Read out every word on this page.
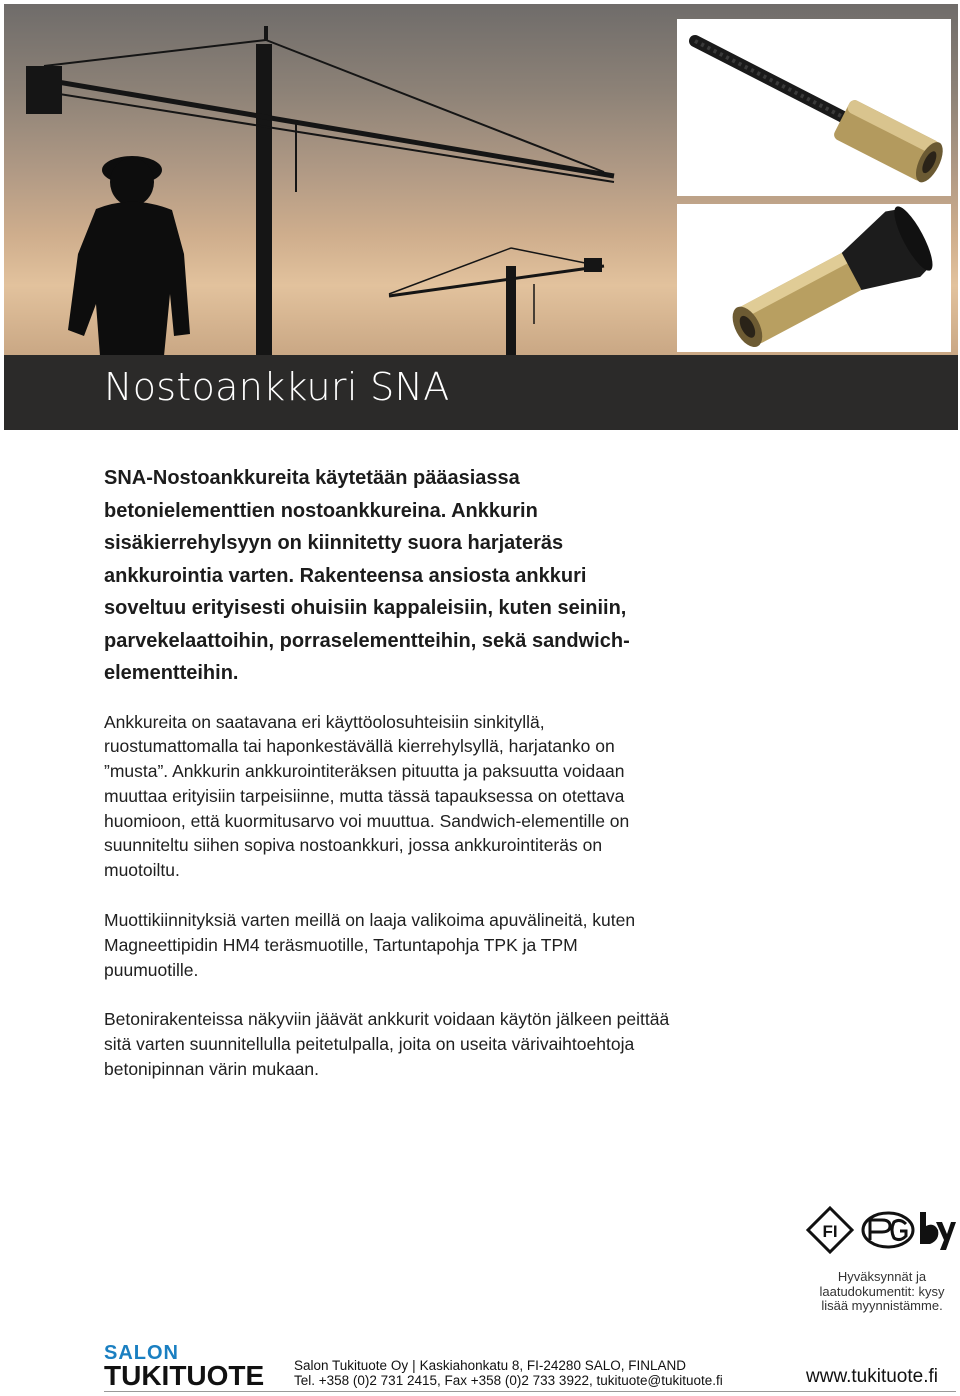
Nostoankkuri SNA

SNA-Nostoankkureita käytetään pääasiassa betonielementtien nostoankkureina. Ankkurin sisäkierrehylsyyn on kiinnitetty suora harjateräs ankkurointia varten. Rakenteensa ansiosta ankkuri soveltuu erityisesti ohuisiin kappaleisiin, kuten seiniin, parvekelaattoihin, porraselementteihin, sekä sandwich-elementteihin.

Ankkureita on saatavana eri käyttöolosuhteisiin sinkityllä, ruostumattomalla tai haponkestävällä kierrehylsyllä, harjatanko on ”musta”. Ankkurin ankkurointiteräksen pituutta ja paksuutta voidaan muuttaa erityisiin tarpeisiinne, mutta tässä tapauksessa on otettava huomioon, että kuormitusarvo voi muuttua. Sandwich-elementille on suunniteltu siihen sopiva nostoankkuri, jossa ankkurointiteräs on muotoiltu.

Muottikiinnityksiä varten meillä on laaja valikoima apuvälineitä, kuten Magneettipidin HM4 teräsmuotille, Tartuntapohja TPK ja TPM puumuotille.

Betonirakenteissa näkyviin jäävät ankkurit voidaan käytön jälkeen peittää sitä varten suunnitellulla peitetulpalla, joita on useita värivaihtoehtoja betonipinnan värin mukaan.

FI
Hyväksynnät ja laatudokumentit: kysy lisää myynnistämme.
SALON
TUKITUOTE Salon Tukituote Oy | Kaskiahonkatu 8, FI-24280 SALO, FINLAND
Tel. +358 (0)2 731 2415, Fax +358 (0)2 733 3922, tukituote@tukituote.fi	www.tukituote.fi
